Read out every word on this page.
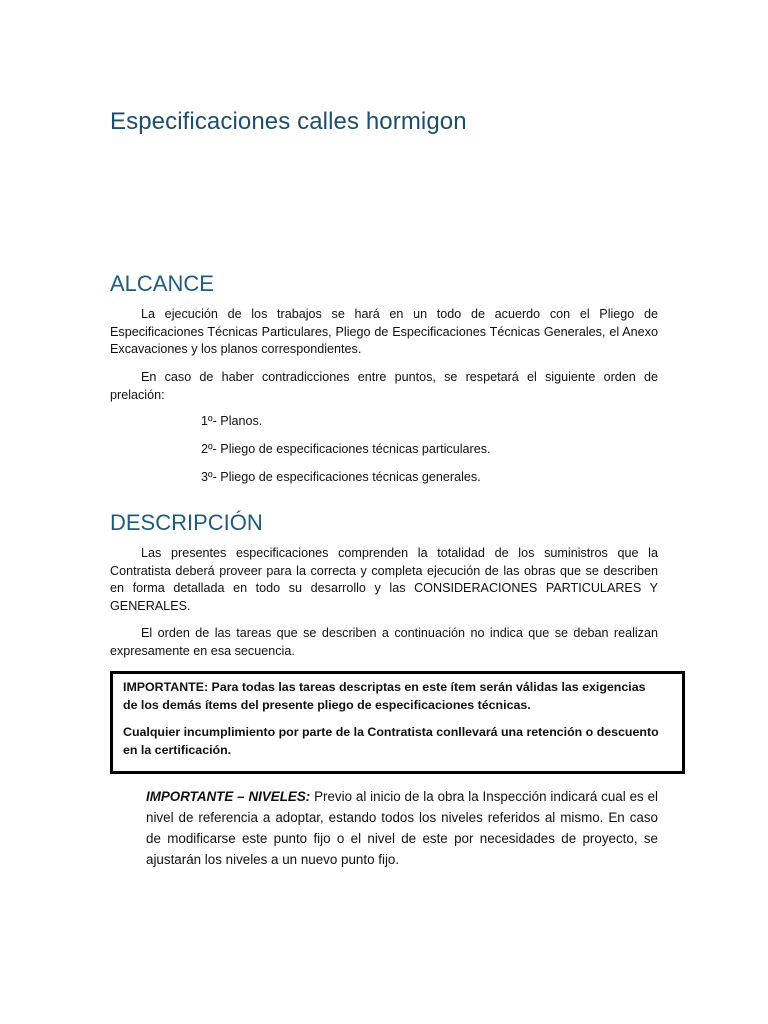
Especificaciones calles hormigon
ALCANCE

La ejecución de los trabajos se hará en un todo de acuerdo con el Pliego de Especificaciones Técnicas Particulares, Pliego de Especificaciones Técnicas Generales, el Anexo Excavaciones y los planos correspondientes.

En caso de haber contradicciones entre puntos, se respetará el siguiente orden de prelación:

1º- Planos.

2º- Pliego de especificaciones técnicas particulares.

3º- Pliego de especificaciones técnicas generales.

DESCRIPCIÓN

Las presentes especificaciones comprenden la totalidad de los suministros que la Contratista deberá proveer para la correcta y completa ejecución de las obras que se describen en forma detallada en todo su desarrollo y las CONSIDERACIONES PARTICULARES Y GENERALES.

El orden de las tareas que se describen a continuación no indica que se deban realizan expresamente en esa secuencia.

IMPORTANTE: Para todas las tareas descriptas en este ítem serán válidas las exigencias de los demás ítems del presente pliego de especificaciones técnicas.

Cualquier incumplimiento por parte de la Contratista conllevará una retención o descuento en la certificación.

IMPORTANTE – NIVELES: Previo al inicio de la obra la Inspección indicará cual es el nivel de referencia a adoptar, estando todos los niveles referidos al mismo. En caso de modificarse este punto fijo o el nivel de este por necesidades de proyecto, se ajustarán los niveles a un nuevo punto fijo.
